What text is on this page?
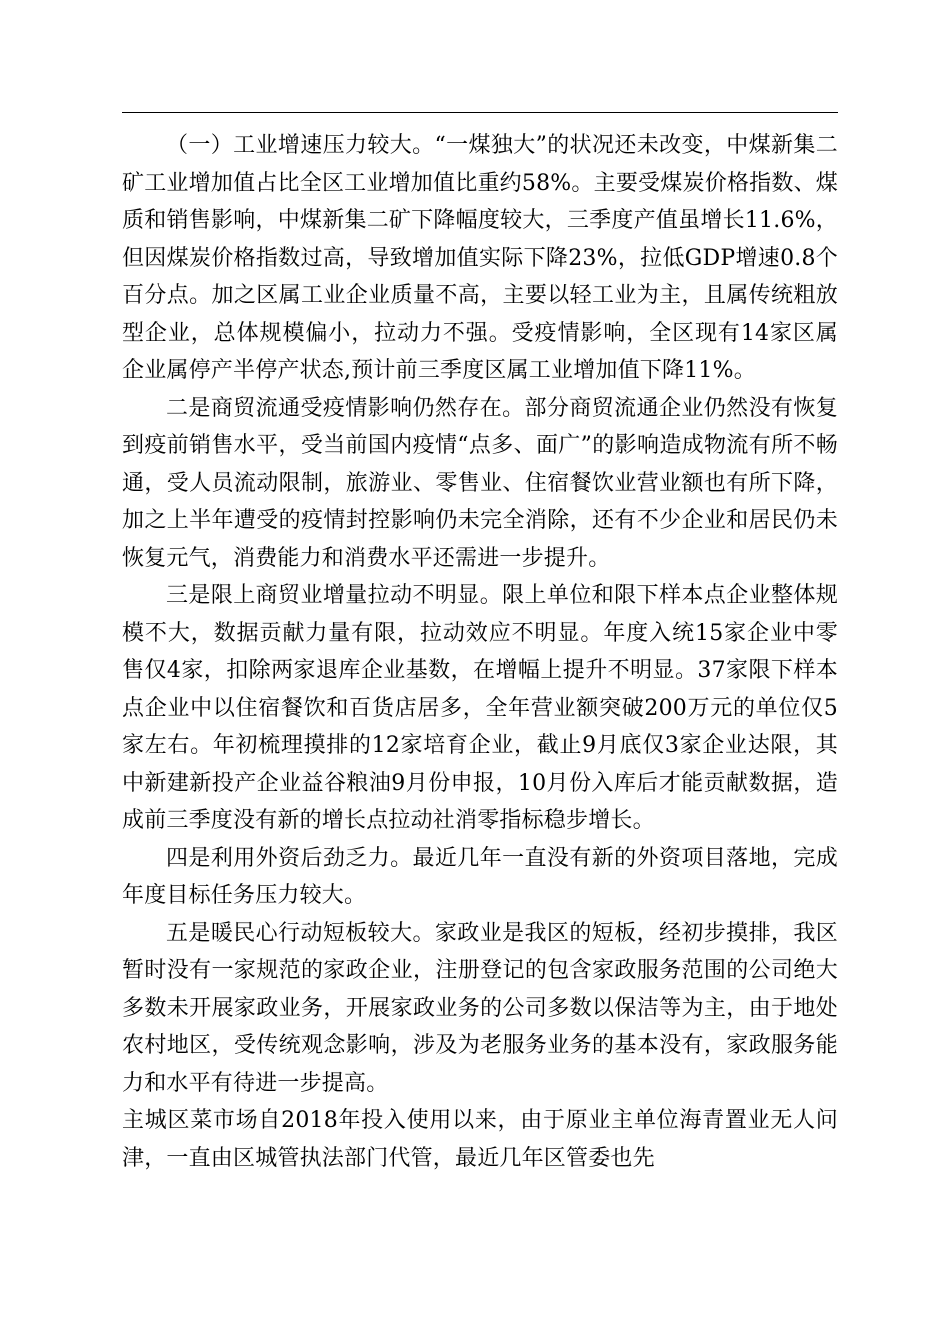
（一）工业增速压力较大。“一煤独大”的状况还未改变，中煤新集二矿工业增加值占比全区工业增加值比重约58%。主要受煤炭价格指数、煤质和销售影响，中煤新集二矿下降幅度较大，三季度产值虽增长11.6%，但因煤炭价格指数过高，导致增加值实际下降23%，拉低GDP增速0.8个百分点。加之区属工业企业质量不高，主要以轻工业为主，且属传统粗放型企业，总体规模偏小，拉动力不强。受疫情影响，全区现有14家区属企业属停产半停产状态,预计前三季度区属工业增加值下降11%。

二是商贸流通受疫情影响仍然存在。部分商贸流通企业仍然没有恢复到疫前销售水平，受当前国内疫情“点多、面广”的影响造成物流有所不畅通，受人员流动限制，旅游业、零售业、住宿餐饮业营业额也有所下降，加之上半年遭受的疫情封控影响仍未完全消除，还有不少企业和居民仍未恢复元气，消费能力和消费水平还需进一步提升。

三是限上商贸业增量拉动不明显。限上单位和限下样本点企业整体规模不大，数据贡献力量有限，拉动效应不明显。年度入统15家企业中零售仅4家，扣除两家退库企业基数，在增幅上提升不明显。37家限下样本点企业中以住宿餐饮和百货店居多，全年营业额突破200万元的单位仅5家左右。年初梳理摸排的12家培育企业，截止9月底仅3家企业达限，其中新建新投产企业益谷粮油9月份申报，10月份入库后才能贡献数据，造成前三季度没有新的增长点拉动社消零指标稳步增长。

四是利用外资后劲乏力。最近几年一直没有新的外资项目落地，完成年度目标任务压力较大。

五是暖民心行动短板较大。家政业是我区的短板，经初步摸排，我区暂时没有一家规范的家政企业，注册登记的包含家政服务范围的公司绝大多数未开展家政业务，开展家政业务的公司多数以保洁等为主，由于地处农村地区，受传统观念影响，涉及为老服务业务的基本没有，家政服务能力和水平有待进一步提高。

主城区菜市场自2018年投入使用以来，由于原业主单位海青置业无人问津，一直由区城管执法部门代管，最近几年区管委也先
